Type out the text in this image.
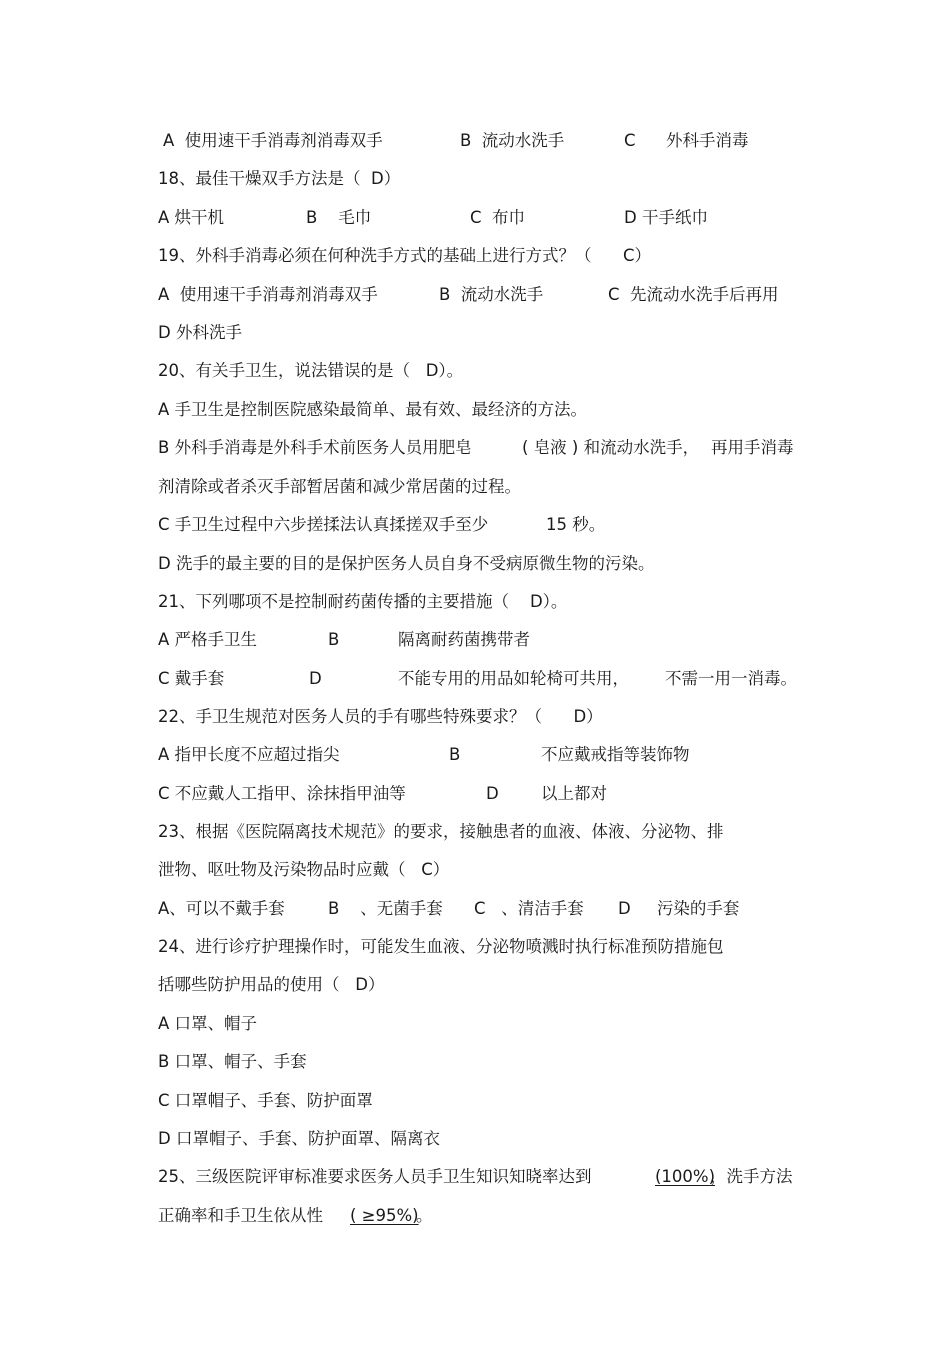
A  使用速干手消毒剂消毒双手

	B  流动水洗手

	C

外科手消毒

18、最佳干燥双手方法是（  D）

A 烘干机

	B    毛巾

	C  布巾

	D 干手纸巾

19、外科手消毒必须在何种洗手方式的基础上进行方式？（      C）

A  使用速干手消毒剂消毒双手

	B  流动水洗手

	C  先流动水洗手后再用

D 外科洗手
20、有关手卫生，说法错误的是（   D）。
A 手卫生是控制医院感染最简单、最有效、最经济的方法。

B 外科手消毒是外科手术前医务人员用肥皂

	( 皂液 ) 和流动水洗手，

再用手消毒

剂清除或者杀灭手部暂居菌和减少常居菌的过程。

C 手卫生过程中六步搓揉法认真揉搓双手至少

	15 秒。

D 洗手的最主要的目的是保护医务人员自身不受病原微生物的污染。
21、下列哪项不是控制耐药菌传播的主要措施（    D）。

A 严格手卫生

	B

	隔离耐药菌携带者

C 戴手套

	D

	不能专用的用品如轮椅可共用，

不需一用一消毒。

22、手卫生规范对医务人员的手有哪些特殊要求？（      D）

A 指甲长度不应超过指尖

	B

	不应戴戒指等装饰物

C 不应戴人工指甲、涂抹指甲油等

	D

	以上都对

23、根据《医院隔离技术规范》的要求，接触患者的血液、体液、分泌物、排
泄物、呕吐物及污染物品时应戴（   C）

A、可以不戴手套

	B    、无菌手套

C   、清洁手套

D     污染的手套

24、进行诊疗护理操作时，可能发生血液、分泌物喷溅时执行标准预防措施包
括哪些防护用品的使用（   D）
A 口罩、帽子
B 口罩、帽子、手套
C 口罩帽子、手套、防护面罩
D 口罩帽子、手套、防护面罩、隔离衣

25、三级医院评审标准要求医务人员手卫生知识知晓率达到

	(100%)

，洗手方法

正确率和手卫生依从性

( ≥95%)

。
